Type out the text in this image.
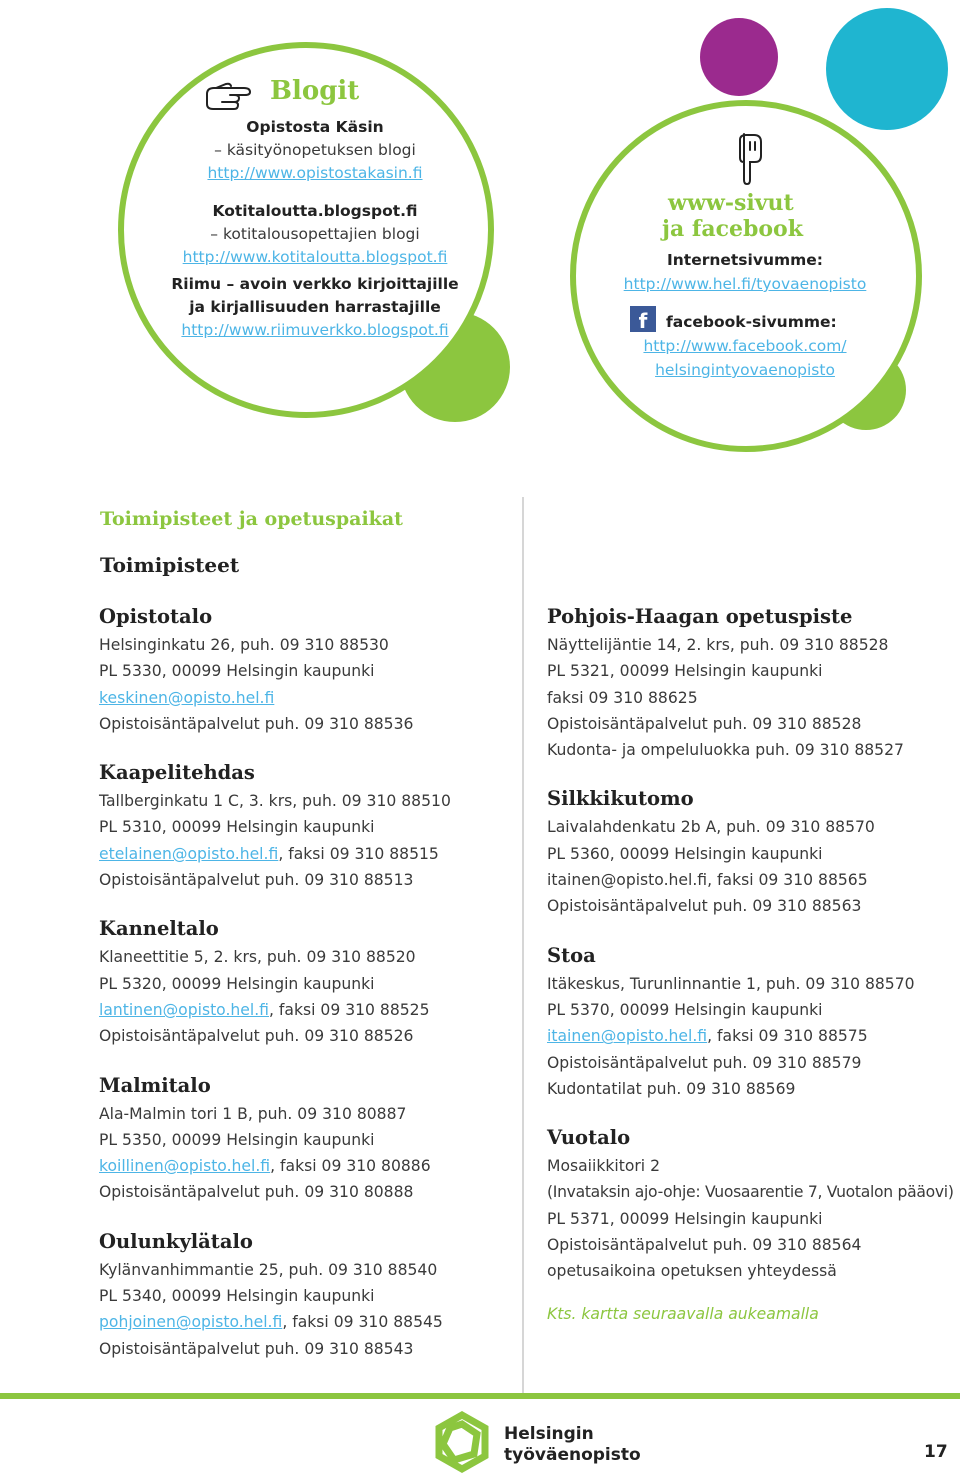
Blogit
Opistosta Käsin
– käsityönopetuksen blogi
http://www.opistostakasin.fi
Kotitaloutta.blogspot.fi
– kotitalousopettajien blogi
http://www.kotitaloutta.blogspot.fi
Riimu – avoin verkko kirjoittajille
ja kirjallisuuden harrastajille
http://www.riimuverkko.blogspot.fi
www-sivut
ja facebook
Internetsivumme:
http://www.hel.fi/tyovaenopisto
f	facebook-sivumme:
http://www.facebook.com/
helsingintyovaenopisto
Toimipisteet ja opetuspaikat
Toimipisteet
Opistotalo
Helsinginkatu 26, puh. 09 310 88530
PL 5330, 00099 Helsingin kaupunki
keskinen@opisto.hel.fi
Opistoisäntäpalvelut puh. 09 310 88536
Kaapelitehdas
Tallberginkatu 1 C, 3. krs, puh. 09 310 88510
PL 5310, 00099 Helsingin kaupunki
etelainen@opisto.hel.fi, faksi 09 310 88515
Opistoisäntäpalvelut puh. 09 310 88513
Kanneltalo
Klaneettitie 5, 2. krs, puh. 09 310 88520
PL 5320, 00099 Helsingin kaupunki
lantinen@opisto.hel.fi, faksi 09 310 88525
Opistoisäntäpalvelut puh. 09 310 88526
Malmitalo
Ala-Malmin tori 1 B, puh. 09 310 80887
PL 5350, 00099 Helsingin kaupunki
koillinen@opisto.hel.fi, faksi 09 310 80886
Opistoisäntäpalvelut puh. 09 310 80888
Oulunkylätalo
Kylänvanhimmantie 25, puh. 09 310 88540
PL 5340, 00099 Helsingin kaupunki
pohjoinen@opisto.hel.fi, faksi 09 310 88545
Opistoisäntäpalvelut puh. 09 310 88543
Pohjois-Haagan opetuspiste
Näyttelijäntie 14, 2. krs, puh. 09 310 88528
PL 5321, 00099 Helsingin kaupunki
faksi 09 310 88625
Opistoisäntäpalvelut puh. 09 310 88528
Kudonta- ja ompeluluokka puh. 09 310 88527
Silkkikutomo
Laivalahdenkatu 2b A, puh. 09 310 88570
PL 5360, 00099 Helsingin kaupunki
itainen@opisto.hel.fi, faksi 09 310 88565
Opistoisäntäpalvelut puh. 09 310 88563
Stoa
Itäkeskus, Turunlinnantie 1, puh. 09 310 88570
PL 5370, 00099 Helsingin kaupunki
itainen@opisto.hel.fi, faksi 09 310 88575
Opistoisäntäpalvelut puh. 09 310 88579
Kudontatilat puh. 09 310 88569
Vuotalo
Mosaiikkitori 2
(Invataksin ajo-ohje: Vuosaarentie 7, Vuotalon pääovi)
PL 5371, 00099 Helsingin kaupunki
Opistoisäntäpalvelut puh. 09 310 88564
opetusaikoina opetuksen yhteydessä
Kts. kartta seuraavalla aukeamalla
Helsingin
työväenopisto	17
